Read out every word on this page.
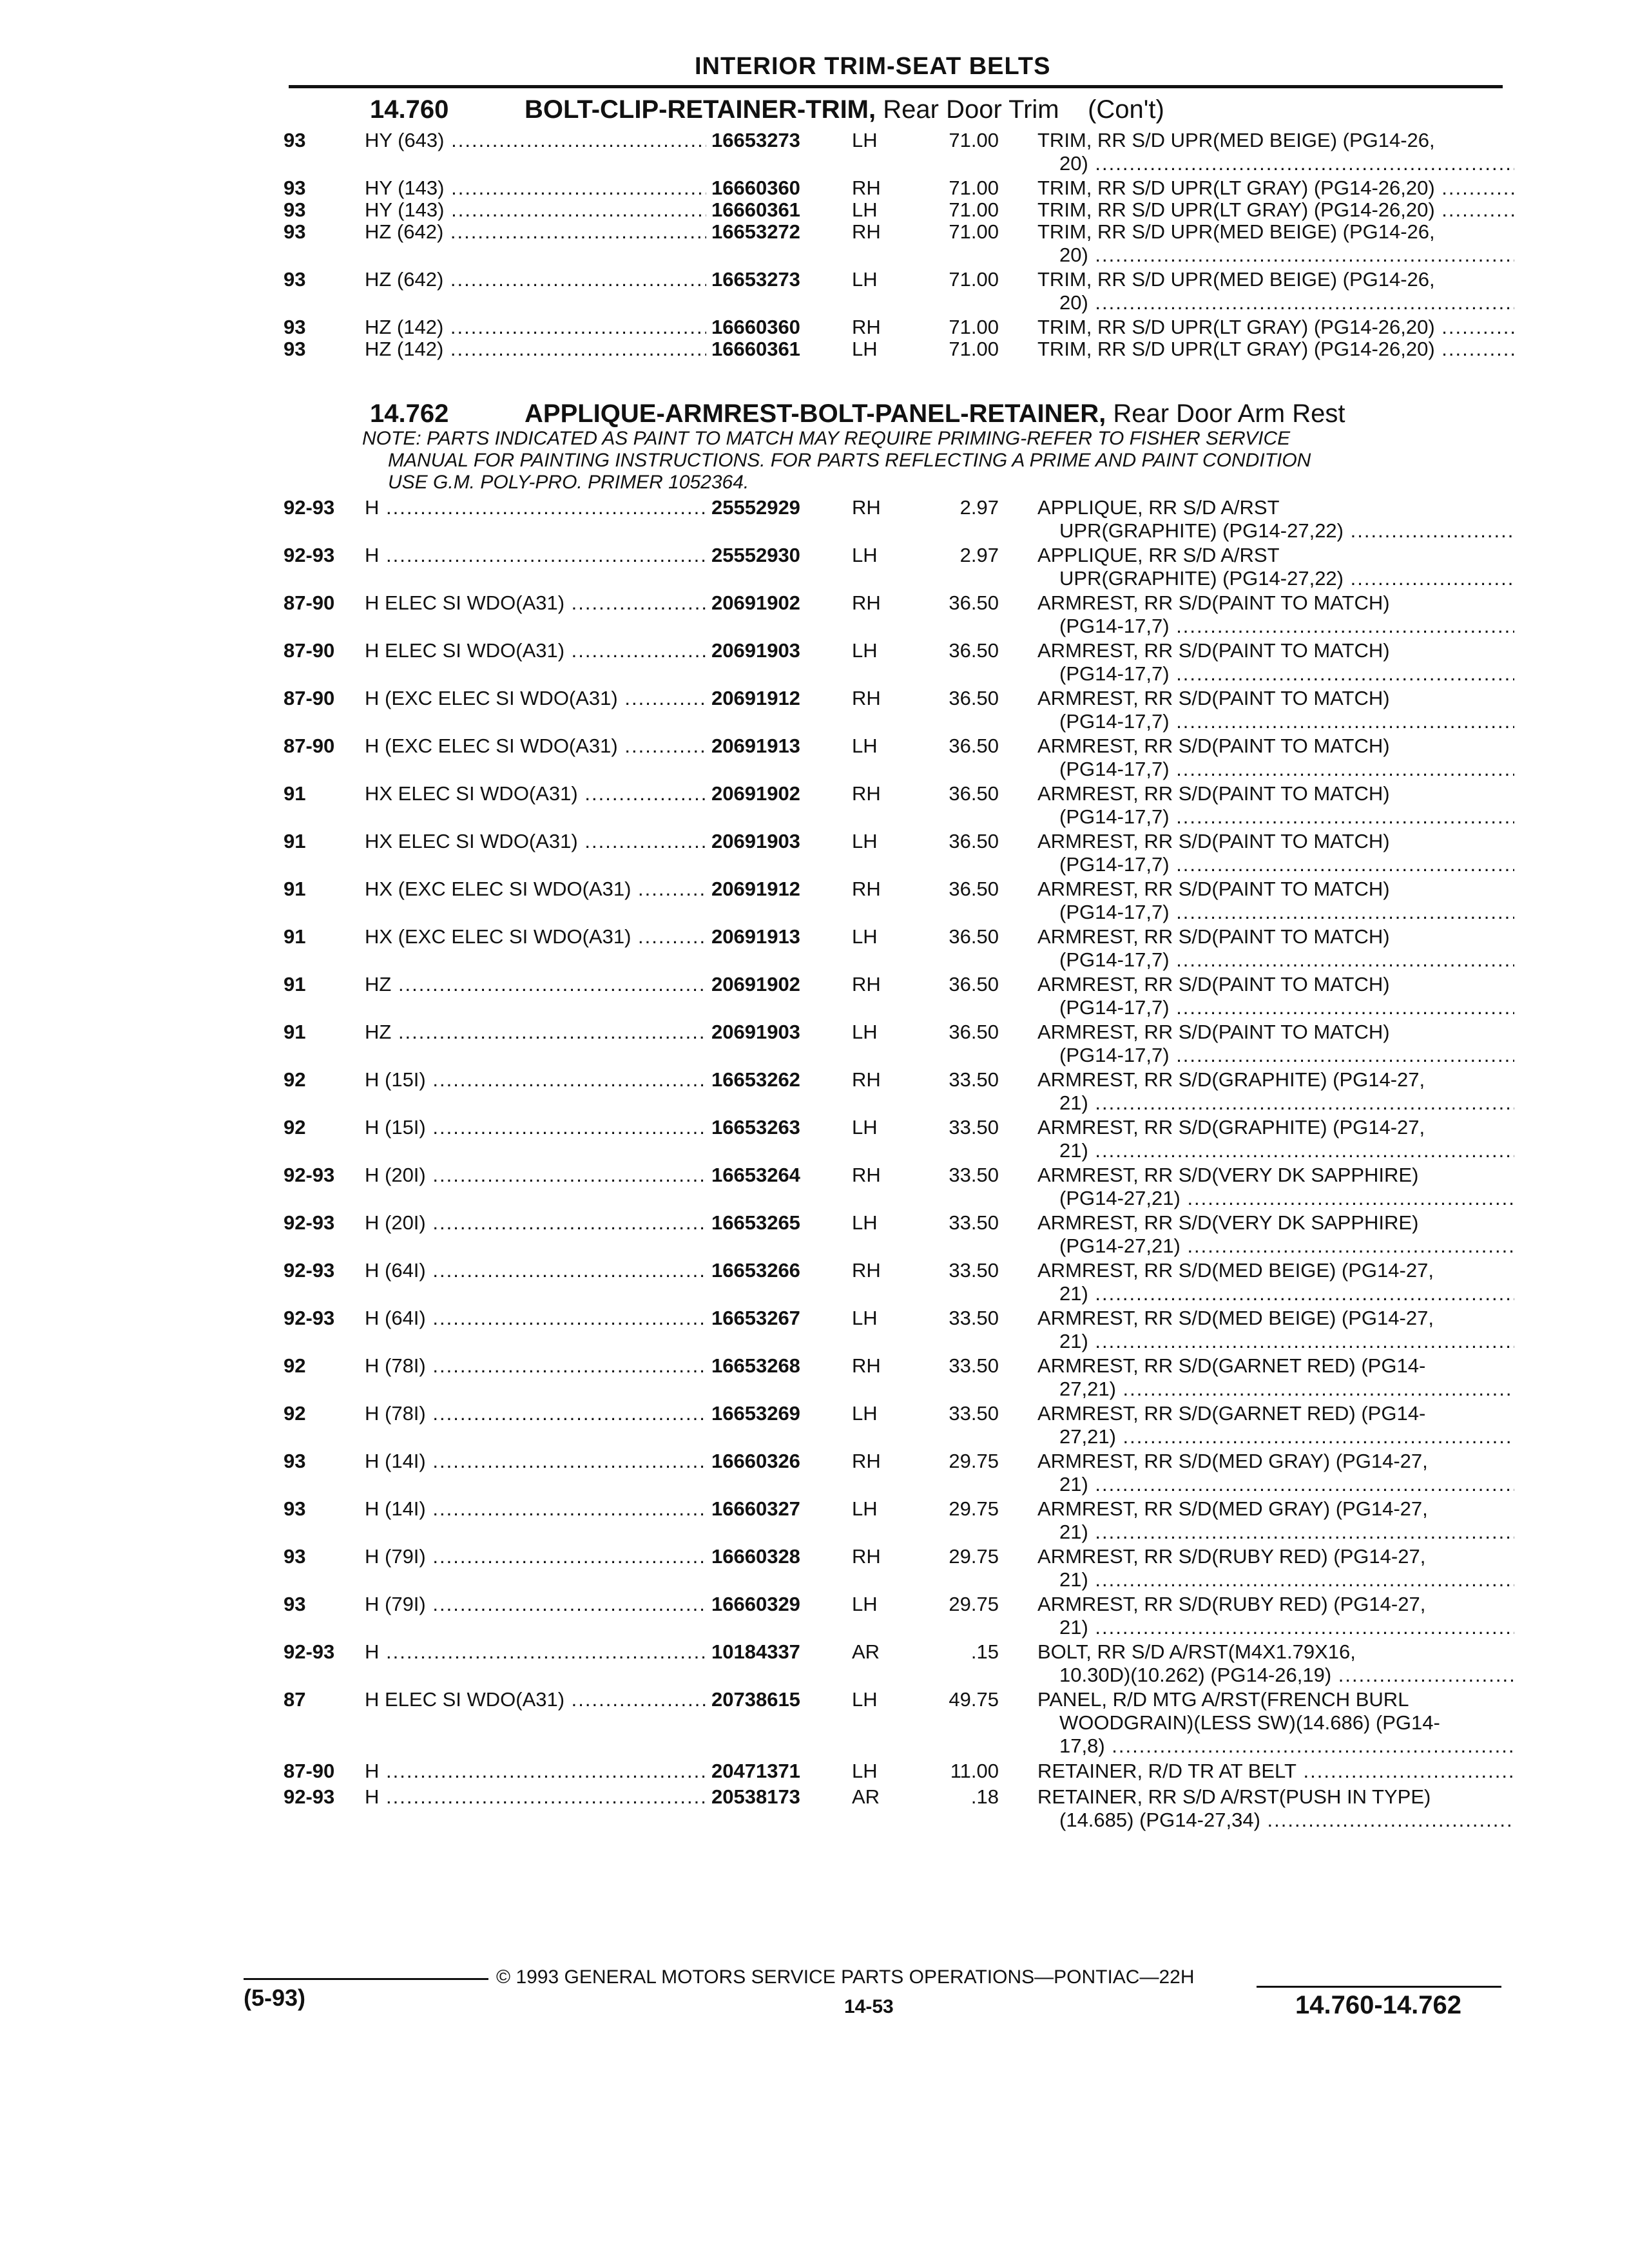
INTERIOR TRIM-SEAT BELTS
14.760	BOLT-CLIP-RETAINER-TRIM, Rear Door Trim (Con't)
14.762	APPLIQUE-ARMREST-BOLT-PANEL-RETAINER, Rear Door Arm Rest
NOTE: PARTS INDICATED AS PAINT TO MATCH MAY REQUIRE PRIMING-REFER TO FISHER SERVICE
MANUAL FOR PAINTING INSTRUCTIONS. FOR PARTS REFLECTING A PRIME AND PAINT CONDITION
USE G.M. POLY-PRO. PRIMER 1052364.
93	HY (643) .....	16653273	LH	71.00 TRIM, RR S/D UPR(MED BEIGE) (PG14-26,
20) .....
93	HY (143) .....	16660360	RH	71.00 TRIM, RR S/D UPR(LT GRAY) (PG14-26,20) .....
93	HY (143) .....	16660361	LH	71.00 TRIM, RR S/D UPR(LT GRAY) (PG14-26,20) .....
93	HZ (642) .....	16653272	RH	71.00 TRIM, RR S/D UPR(MED BEIGE) (PG14-26,
20) .....
93	HZ (642) .....	16653273	LH	71.00 TRIM, RR S/D UPR(MED BEIGE) (PG14-26,
20) .....
93	HZ (142) .....	16660360	RH	71.00 TRIM, RR S/D UPR(LT GRAY) (PG14-26,20) .....
93	HZ (142) .....	16660361	LH	71.00 TRIM, RR S/D UPR(LT GRAY) (PG14-26,20) .....
92-93 H .....	25552929	RH	2.97 APPLIQUE, RR S/D A/RST
UPR(GRAPHITE) (PG14-27,22) .....
92-93 H .....	25552930	LH	2.97 APPLIQUE, RR S/D A/RST
UPR(GRAPHITE) (PG14-27,22) .....
87-90 H ELEC SI WDO(A31) .....	20691902	RH	36.50 ARMREST, RR S/D(PAINT TO MATCH)
(PG14-17,7) .....
87-90 H ELEC SI WDO(A31) .....	20691903	LH	36.50 ARMREST, RR S/D(PAINT TO MATCH)
(PG14-17,7) .....
87-90 H (EXC ELEC SI WDO(A31) .....	20691912	RH	36.50 ARMREST, RR S/D(PAINT TO MATCH)
(PG14-17,7) .....
87-90 H (EXC ELEC SI WDO(A31) .....	20691913	LH	36.50 ARMREST, RR S/D(PAINT TO MATCH)
(PG14-17,7) .....
91	HX ELEC SI WDO(A31) .....	20691902	RH	36.50 ARMREST, RR S/D(PAINT TO MATCH)
(PG14-17,7) .....
91	HX ELEC SI WDO(A31) .....	20691903	LH	36.50 ARMREST, RR S/D(PAINT TO MATCH)
(PG14-17,7) .....
91	HX (EXC ELEC SI WDO(A31) .....	20691912	RH	36.50 ARMREST, RR S/D(PAINT TO MATCH)
(PG14-17,7) .....
91	HX (EXC ELEC SI WDO(A31) .....	20691913	LH	36.50 ARMREST, RR S/D(PAINT TO MATCH)
(PG14-17,7) .....
91	HZ .....	20691902	RH	36.50 ARMREST, RR S/D(PAINT TO MATCH)
(PG14-17,7) .....
91	HZ .....	20691903	LH	36.50 ARMREST, RR S/D(PAINT TO MATCH)
(PG14-17,7) .....
92	H (15I) .....	16653262	RH	33.50 ARMREST, RR S/D(GRAPHITE) (PG14-27,
21) .....
92	H (15I) .....	16653263	LH	33.50 ARMREST, RR S/D(GRAPHITE) (PG14-27,
21) .....
92-93 H (20I) .....	16653264	RH	33.50 ARMREST, RR S/D(VERY DK SAPPHIRE)
(PG14-27,21) .....
92-93 H (20I) .....	16653265	LH	33.50 ARMREST, RR S/D(VERY DK SAPPHIRE)
(PG14-27,21) .....
92-93 H (64I) .....	16653266	RH	33.50 ARMREST, RR S/D(MED BEIGE) (PG14-27,
21) .....
92-93 H (64I) .....	16653267	LH	33.50 ARMREST, RR S/D(MED BEIGE) (PG14-27,
21) .....
92	H (78I) .....	16653268	RH	33.50 ARMREST, RR S/D(GARNET RED) (PG14-
27,21) .....
92	H (78I) .....	16653269	LH	33.50 ARMREST, RR S/D(GARNET RED) (PG14-
27,21) .....
93	H (14I) .....	16660326	RH	29.75 ARMREST, RR S/D(MED GRAY) (PG14-27,
21) .....
93	H (14I) .....	16660327	LH	29.75 ARMREST, RR S/D(MED GRAY) (PG14-27,
21) .....
93	H (79I) .....	16660328	RH	29.75 ARMREST, RR S/D(RUBY RED) (PG14-27,
21) .....
93	H (79I) .....	16660329	LH	29.75 ARMREST, RR S/D(RUBY RED) (PG14-27,
21) .....
92-93 H .....	10184337	AR	.15 BOLT, RR S/D A/RST(M4X1.79X16,
10.30D)(10.262) (PG14-26,19) .....
87	H ELEC SI WDO(A31) .....	20738615	LH	49.75 PANEL, R/D MTG A/RST(FRENCH BURL
WOODGRAIN)(LESS SW)(14.686) (PG14-
17,8) .....
87-90 H .....	20471371	LH	11.00 RETAINER, R/D TR AT BELT .....
92-93 H .....	20538173	AR	.18 RETAINER, RR S/D A/RST(PUSH IN TYPE)
(14.685) (PG14-27,34) .....
© 1993 GENERAL MOTORS SERVICE PARTS OPERATIONS—PONTIAC—22H
(5-93)	14-53	14.760-14.762
